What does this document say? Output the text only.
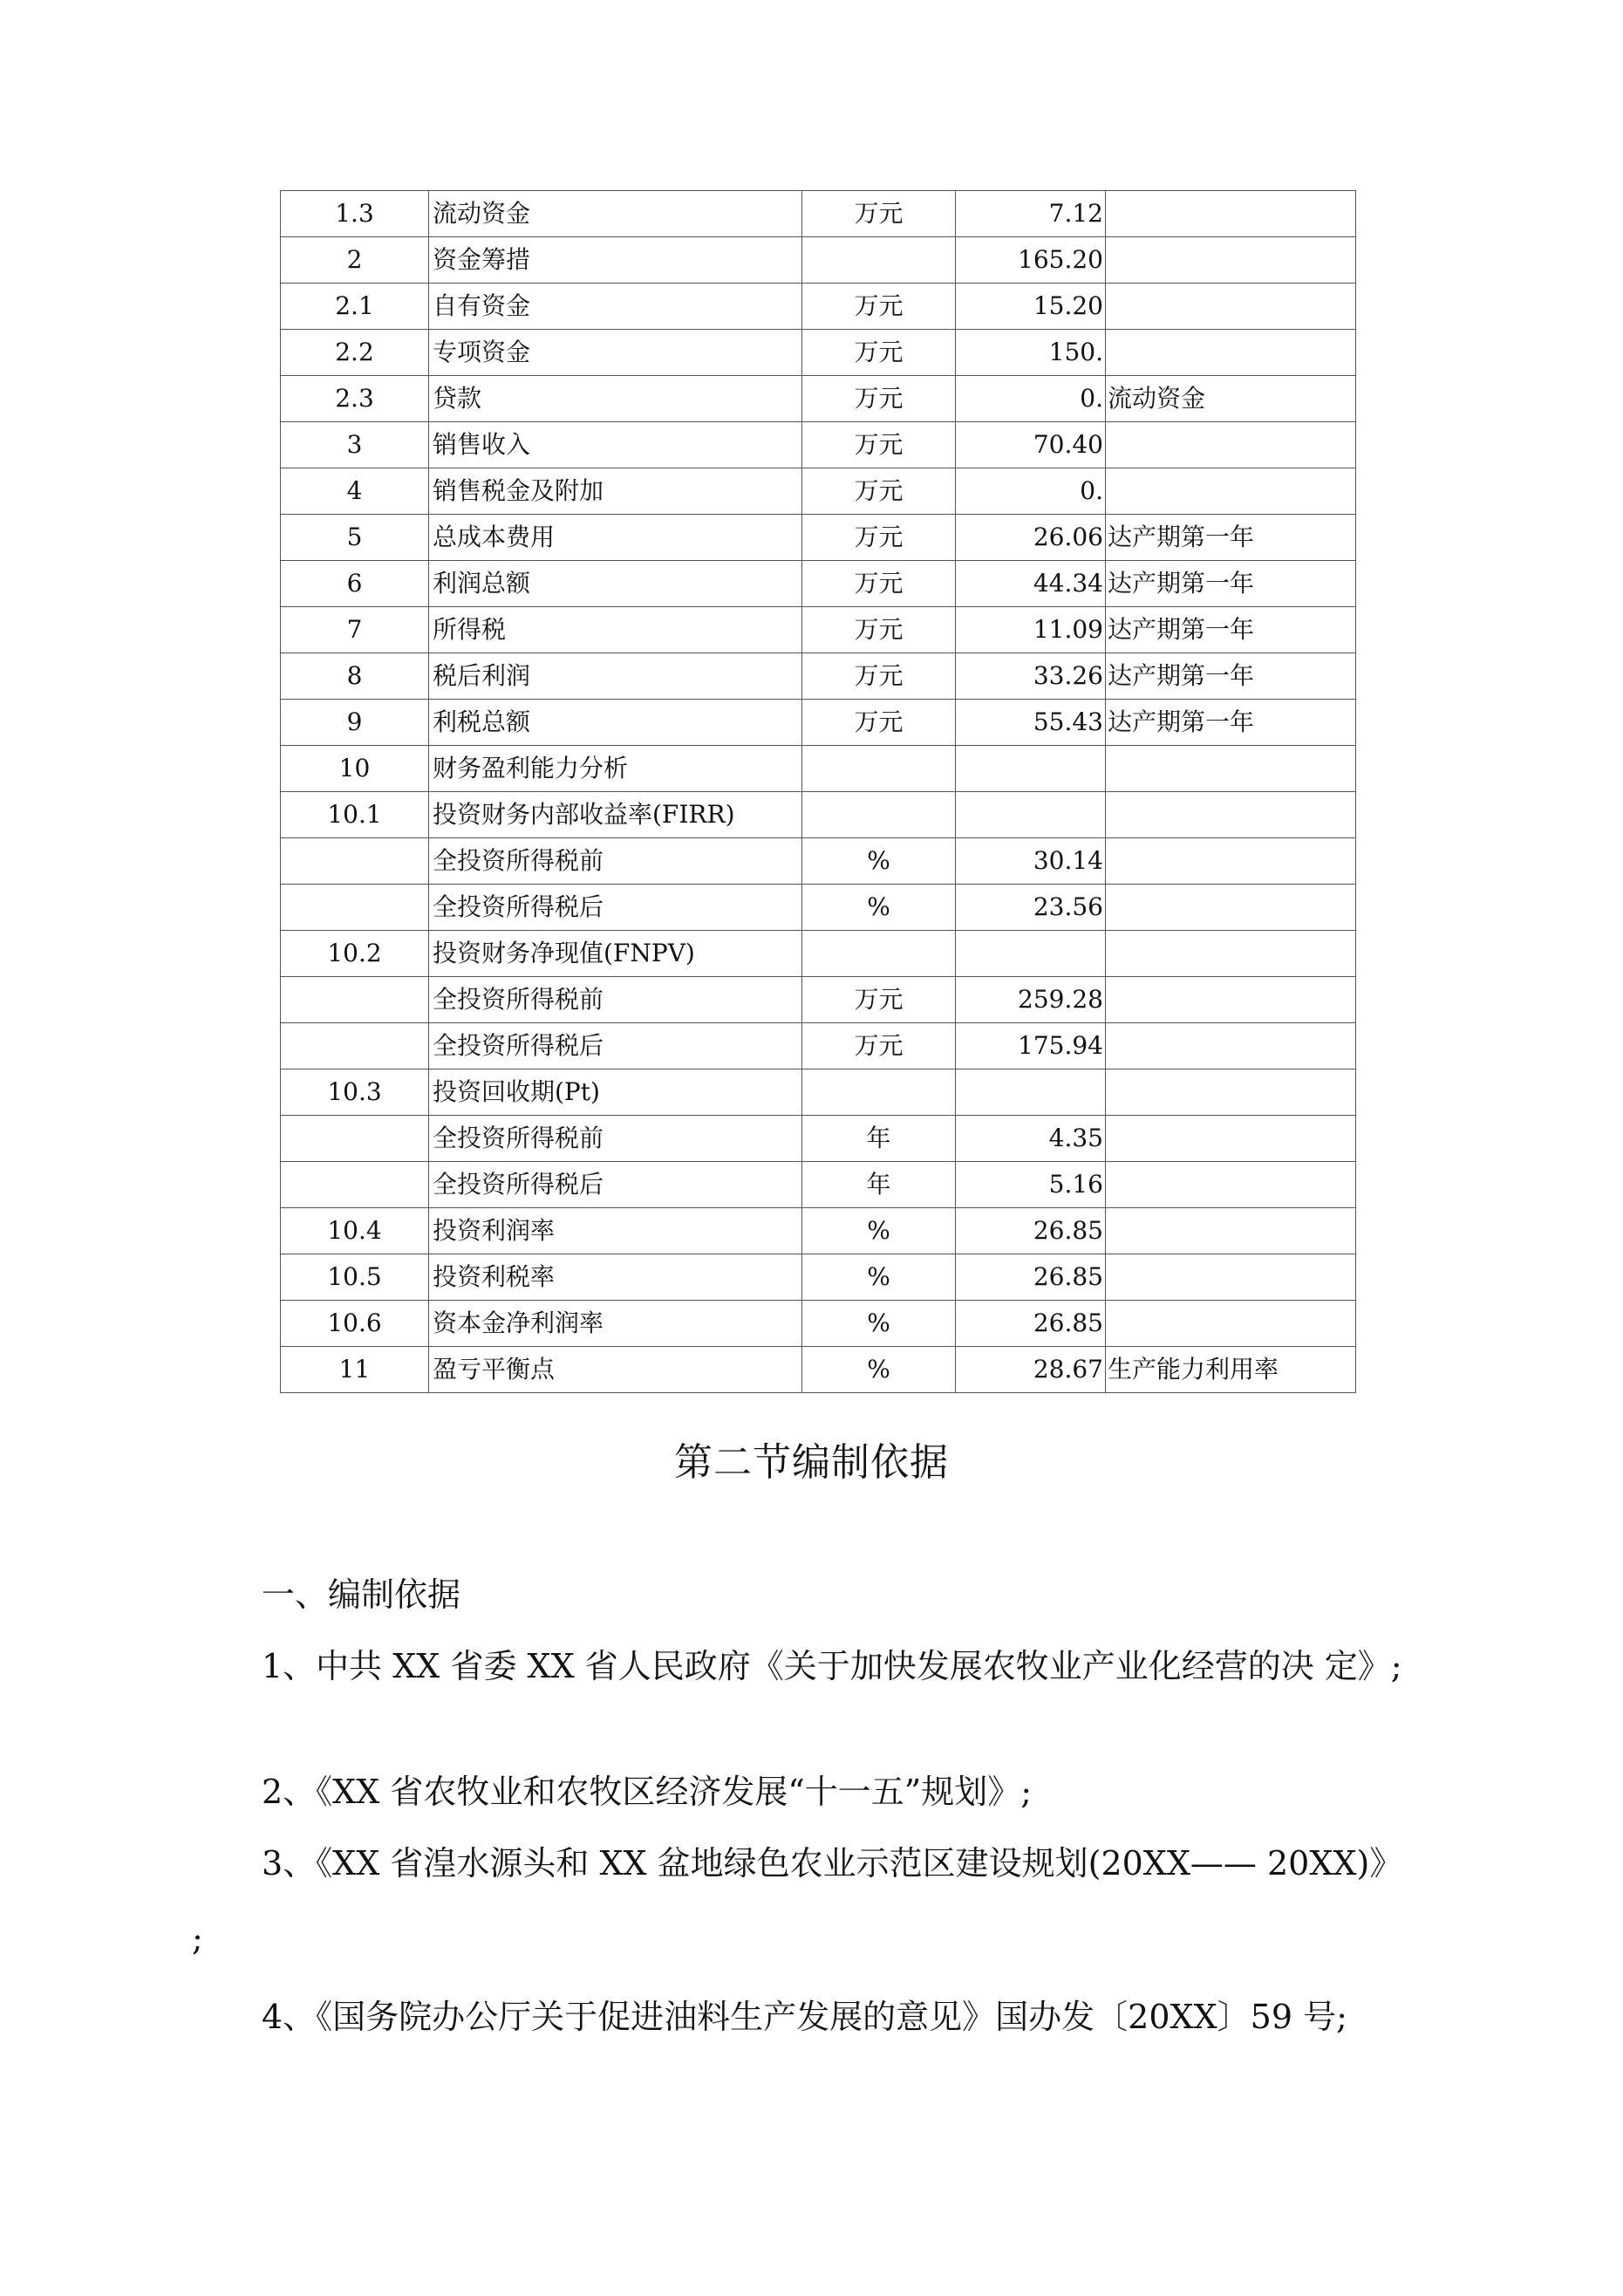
1.3	流动资金	万元	7.12	
2	资金筹措		165.20	
2.1	自有资金	万元	15.20	
2.2	专项资金	万元	150.	
2.3	贷款	万元	0.	流动资金
3	销售收入	万元	70.40	
4	销售税金及附加	万元	0.	
5	总成本费用	万元	26.06	达产期第一年
6	利润总额	万元	44.34	达产期第一年
7	所得税	万元	11.09	达产期第一年
8	税后利润	万元	33.26	达产期第一年
9	利税总额	万元	55.43	达产期第一年
10	财务盈利能力分析			
10.1	投资财务内部收益率(FIRR)			
	全投资所得税前	%	30.14	
	全投资所得税后	%	23.56	
10.2	投资财务净现值(FNPV)			
	全投资所得税前	万元	259.28	
	全投资所得税后	万元	175.94	
10.3	投资回收期(Pt)			
	全投资所得税前	年	4.35	
	全投资所得税后	年	5.16	
10.4	投资利润率	%	26.85	
10.5	投资利税率	%	26.85	
10.6	资本金净利润率	%	26.85	
11	盈亏平衡点	%	28.67	生产能力利用率
第二节编制依据

一、编制依据

1、中共 XX 省委 XX 省人民政府《关于加快发展农牧业产业化经营的决 定》;

2、《XX 省农牧业和农牧区经济发展“十一五”规划》;

3、《XX 省湟水源头和 XX 盆地绿色农业示范区建设规划(20XX—— 20XX)》

;

4、《国务院办公厅关于促进油料生产发展的意见》国办发〔20XX〕59 号;
